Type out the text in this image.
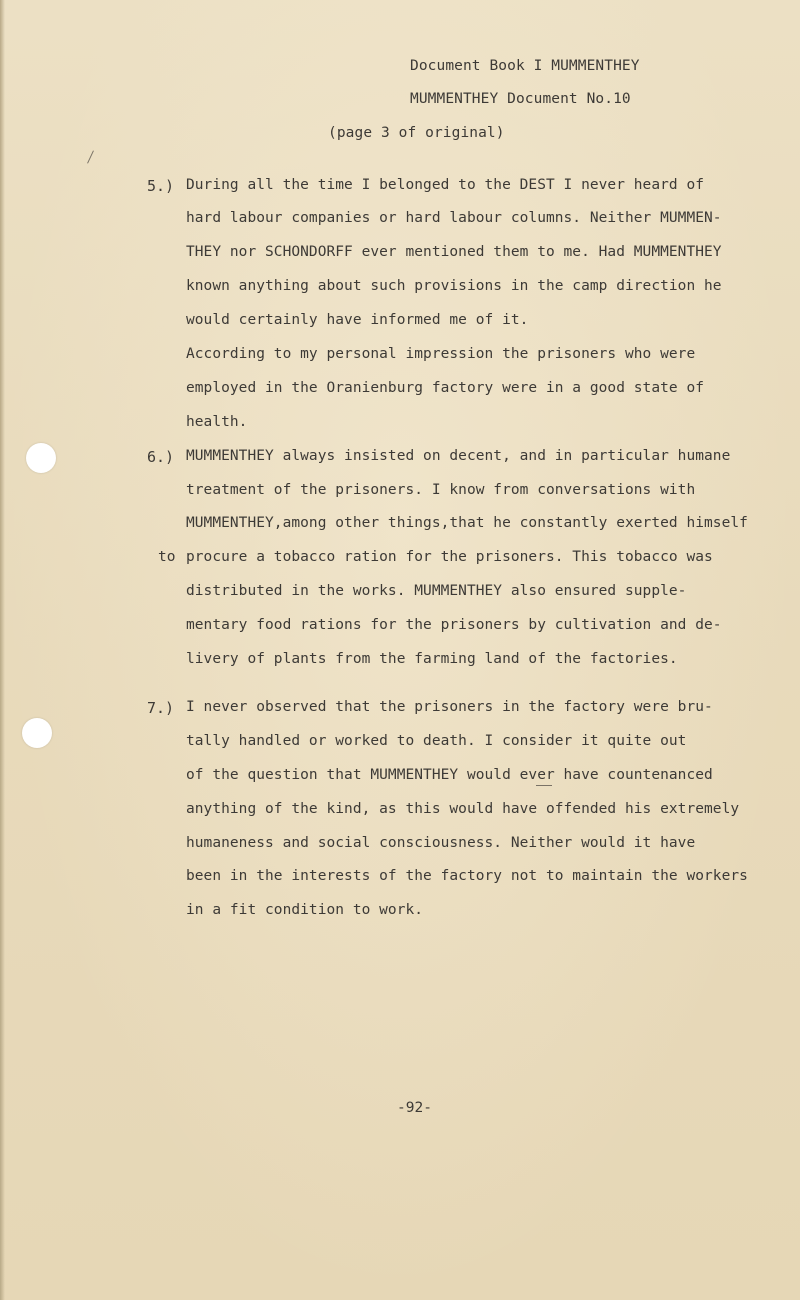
Document Book I MUMMENTHEY
MUMMENTHEY Document No.10
(page 3 of original)
5.) During all the time I belonged to the DEST I never heard of
hard labour companies or hard labour columns. Neither MUMMEN-
THEY nor SCHONDORFF ever mentioned them to me. Had MUMMENTHEY
known anything about such provisions in the camp direction he
would certainly have informed me of it.
According to my personal impression the prisoners who were
employed in the Oranienburg factory were in a good state of
health.
6.) MUMMENTHEY always insisted on decent, and in particular humane
treatment of the prisoners. I know from conversations with
MUMMENTHEY,among other things,that he constantly exerted himself
to procure a tobacco ration for the prisoners. This tobacco was
distributed in the works. MUMMENTHEY also ensured supple-
mentary food rations for the prisoners by cultivation and de-
livery of plants from the farming land of the factories.
7.) I never observed that the prisoners in the factory were bru-
tally handled or worked to death. I consider it quite out
of the question that MUMMENTHEY would ever have countenanced
anything of the kind, as this would have offended his extremely
humaneness and social consciousness. Neither would it have
been in the interests of the factory not to maintain the workers
in a fit condition to work.
-92-
